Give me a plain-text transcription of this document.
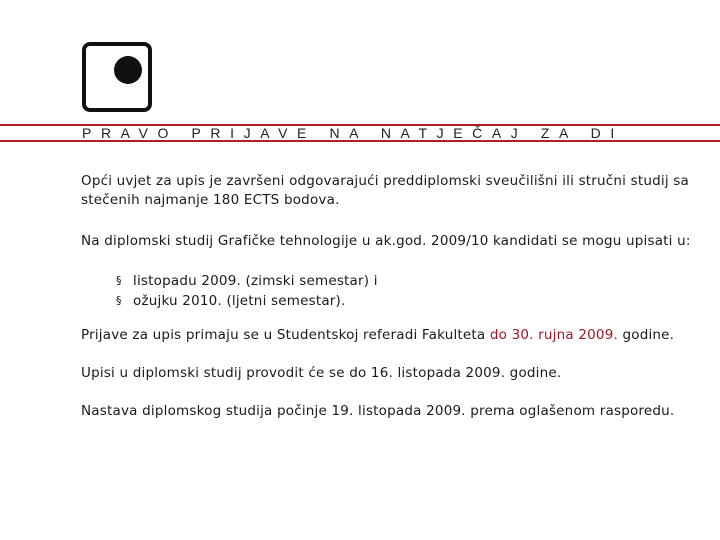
PRAVO PRIJAVE NA NATJEČAJ ZA DI

Opći uvjet za upis je završeni odgovarajući preddiplomski sveučilišni ili stručni studij sa stečenih najmanje 180 ECTS bodova.

Na diplomski studij Grafičke tehnologije u ak.god. 2009/10 kandidati se mogu upisati u:

§ listopadu 2009. (zimski semestar) i
§ ožujku 2010. (ljetni semestar).

Prijave za upis primaju se u Studentskoj referadi Fakulteta do 30. rujna 2009. godine.

Upisi u diplomski studij provodit će se do 16. listopada 2009. godine.

Nastava diplomskog studija počinje 19. listopada 2009. prema oglašenom rasporedu.
